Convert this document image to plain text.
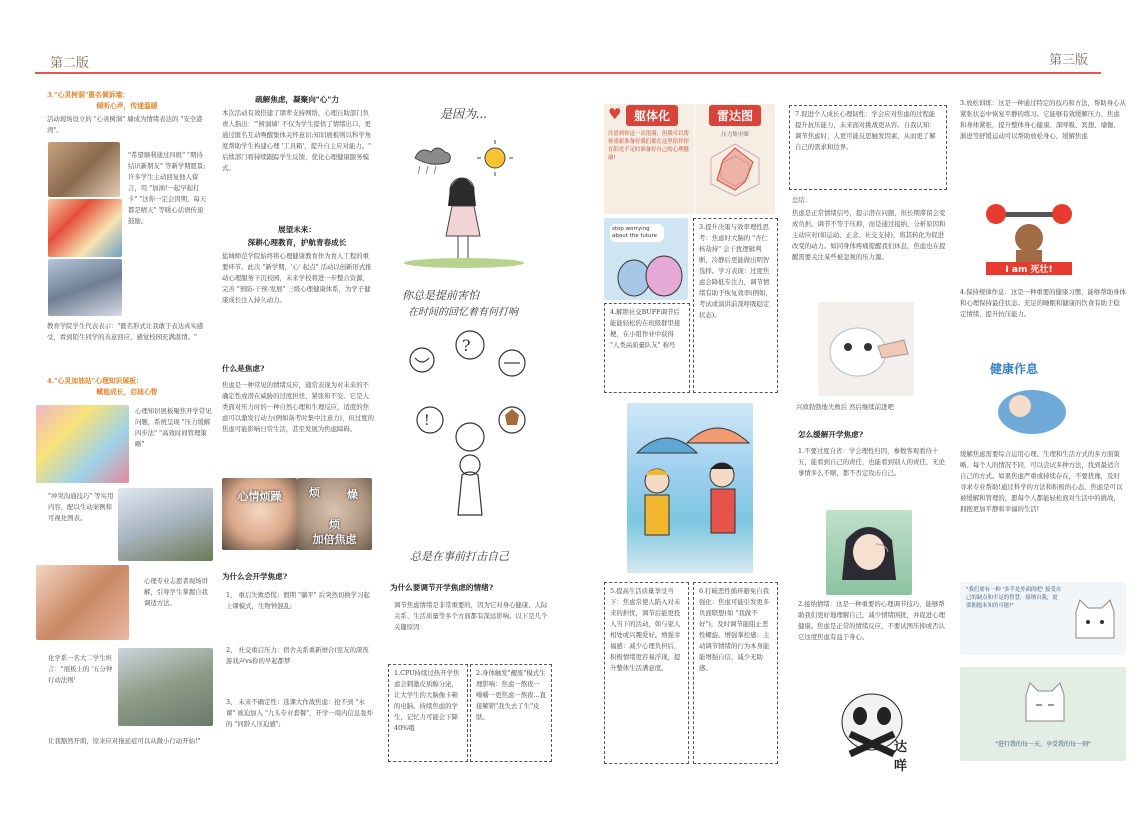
第二版	第三版
3."心灵树洞"匿名倾诉墙：
倾听心声，传递温暖
活动现场设立的 "心灵树洞" 墙成为情绪表达的 "安全港湾"。
"希望顺利通过四级" "期待结识新朋友" 等新学期愿景;许多学生主动回复他人留言，用 "加油!一起早起打卡" "这你一定会因期，每天都是晴天" 等暖心话语传递鼓励。
教育学院学生代表表示："匿名形式让我敢于表达真实感受，看到陌生同学的善意回应，感觉校园充满温情。"
4."心灵加油站"心理知识展板：
赋能成长，启迪心智
心理知识展板聚焦开学常见问题，系统呈现 "压力缓解四步法" "高效时间管理策略"
"冲突沟通技巧" 等实用内容，配以生动案例和可视化图表。
心理专业志愿者现场讲解，引导学生掌握自我调适方法。
化学系一名大二学生坦言："展板上的 '五分钟行动法则'
让我豁然开朗，原来应对拖延症可以从微小行动开始!"
疏解焦虑，凝聚向"心"力
本次活动有效搭建了朋辈支持网络，心理自助部门负责人指出："'树洞墙' 不仅为学生提供了情绪出口，更通过匿名互动唤醒集体关怀意识;知识展板则以科学角度帮助学生构建心理 '工具箱'，提升自主应对能力。" 后续部门将持续跟踪学生反馈，优化心理健康服务模式。
展望未来：
深耕心理教育，护航青春成长
盐城师范学院始终将心理健康教育作为育人工程的重要环节。此次 "新学期，'心' 起点" 活动以创新形式推动心理服务下沉校园，未来学校将进一步整合资源，完善 "预防-干预-发展" 三级心理健康体系，为学子健康成长注入持久动力。
什么是焦虑?
焦虑是一种常见的情绪反应，通常表现为对未来的不确定性或潜在威胁的过度担忧、紧张和不安。它是人类面对压力时的一种自然心理和生理反应，适度的焦虑可以激发行动力(例如备考时集中注意力)，但过度的焦虑可能影响日常生活，甚至发展为焦虑障碍。
心情烦躁	烦 燥
烦
加倍焦虑
为什么会开学焦虑?
1、 重启失败恐慌：假期 "躺平" 后突然切换学习起上课模式，生物钟混乱;
2、 社交重启压力：宿舍关系重新磨合(室友的深夜游戏声vs你的早起都梦
3、 未来不确定性：选课大作战焦虑：抢不到 "水课" 被迫加入 "九头专业套餐"，开学一周内信息轰炸的 "同龄人压迫感";
是因为...
你总是提前害怕
在时间的回忆着有何打响
?
!
总是在事前打击自己
为什么要调节开学焦虑的情绪?
调节焦虑情绪是非常重要的，因为它对身心健康、人际关系、生活质量等多个方面都有深远影响。以下是几个关键原因：
1.CPU持续过热开学焦虑会刺激皮质醇分泌，让大学生的大脑像卡顿的电脑。持续焦虑的学生，记忆力可能会下降40%哦
2.身体触发"靓废"模式生理影响：焦虑一熬夜一噪嚼一更焦虑一熬夜...直接解锁"我失去了生"皮肤。
♥	躯体化
注意到你这一次很满，但我可以帮你重新准备好我们都在这里陪伴你在阳光不足时准备好自己的心理健康!
雷达图
压力集中图
stop worrying about the future
3.提升决策与效率理性思考：焦虑时大脑的 "杏仁核劫持" 会干扰逻辑判断，冷静后更能做出明智选择。学习表现：过度焦虑会降低专注力，调节情绪有助于恢复效率(例如，考试或演讲前深呼吸稳定状态)。
4.解锁社交BUFF调节后能能轻松的在班级群里接梗，在小组作业中获得 "人类高质量队友" 称号
5.提高生活质量享受当下：焦虑常使人陷入对未来的担忧，调节后能更投入当下的活动，如与家人相处或兴趣爱好。增强幸福感：减少心理负担后，积极情绪更容易浮现，提升整体生活满意度。
6.打破恶性循环避免自我强化：焦虑可能引发更多负面联想(如 "我做不好")，及时调节能阻止恶性螺旋。增强掌控感：主动调节情绪的行为本身能能增强自信，减少无助感。
7.促进个人成长心理韧性：学会应对焦虑的过程能提升抗压能力，未来面对挑战更从容。自我认知：调节焦虑时，人更可能反思触发因素，从而更了解自己的需求和边界。
总结：
焦虑是正常情绪信号，提示潜在问题，但长期滞留会变成负担。调节不等于压抑，而是通过接纳、分析原因和主动应对(如运动、正念、社交支持)，将其转化为促进改变的动力。如同身体疼痛提醒我们休息，焦虑也在提醒需要关注某些被忽视的压力源。
兴致勃勃地失败后 然后继续前进吧
怎么缓解开学焦虑?
1.不要过度自省：学会理性归因，参数客观看待十五，能看到自己的责任，也能看到别人的责任，无论事情多么不顺，都不否定攻击自己。
2.接纳情绪：这是一种重要的心理调节技巧，能够帮助我们更好地理解自己，减少情绪困扰，并促进心理健康。焦虑是正常的情绪反应，不要试图压抑或否认它这度焦虑有益于身心。
达咩
3.放松训练：这是一种通过特定的技巧和方法，帮助身心从紧张状态中恢复平静的练习。它能够有效缓解压力、焦虑和身体紧张，提升整体身心健康。深呼吸、冥想、瑜伽、渐进等舒缓运动可以帮助放松身心，缓解焦虑
I am 死壮!
4.保持规律作息：这是一种重要的健康习惯，能够帮助身体和心理保持最佳状态。充足的睡眠和健康的饮食有助于稳定情绪，提升抗压能力。
健康作息
缓解焦虑需要综合运用心理、生理和生活方式的多方面策略。每个人的情况不同，可以尝试多种方法，找到最适合自己的方式。如果焦虑严重或持续存在，不要犹豫，及时寻求专业帮助!通过科学的方法和积极的心态，焦虑是可以被缓解和管理的，愿每个人都能轻松面对生活中的挑战，拥抱更加平静和幸福的生活!
"我们要有一种 '多半是外面的吧' 接受自己的缺点和不足的智慧，接纳自我，更要拥抱未知的可能!"
"进行我的每一天，享受我的每一刻"
